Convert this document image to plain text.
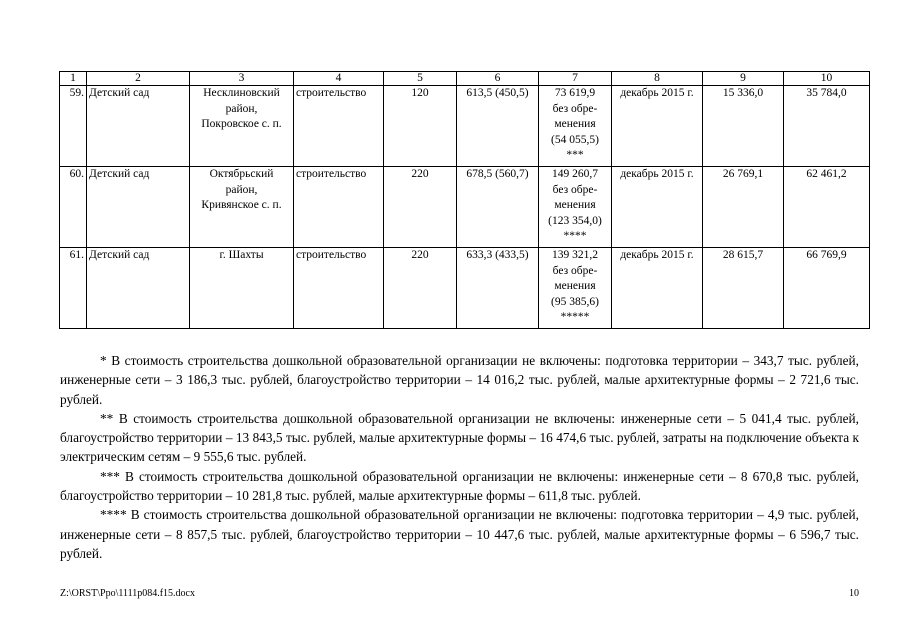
1	2	3	4	5	6	7	8	9	10
59.	Детский сад	Несклиновский
район,
Покровское с. п.	строительство	120	613,5 (450,5)	73 619,9
без обре-
менения
(54 055,5)
***	декабрь 2015 г.	15 336,0	35 784,0
60.	Детский сад	Октябрьский
район,
Кривянское с. п.	строительство	220	678,5 (560,7)	149 260,7
без обре-
менения
(123 354,0)
****	декабрь 2015 г.	26 769,1	62 461,2
61.	Детский сад	г. Шахты	строительство	220	633,3 (433,5)	139 321,2
без обре-
менения
(95 385,6)
*****	декабрь 2015 г.	28 615,7	66 769,9

* В стоимость строительства дошкольной образовательной организации не включены: подготовка территории – 343,7 тыс. рублей, инженерные сети – 3 186,3 тыс. рублей, благоустройство территории – 14 016,2 тыс. рублей, малые архитектурные формы – 2 721,6 тыс. рублей.

** В стоимость строительства дошкольной образовательной организации не включены: инженерные сети – 5 041,4 тыс. рублей, благоустройство территории – 13 843,5 тыс. рублей, малые архитектурные формы – 16 474,6 тыс. рублей, затраты на подключение объекта к электрическим сетям – 9 555,6 тыс. рублей.

*** В стоимость строительства дошкольной образовательной организации не включены: инженерные сети – 8 670,8 тыс. рублей, благоустройство территории – 10 281,8 тыс. рублей, малые архитектурные формы – 611,8 тыс. рублей.

**** В стоимость строительства дошкольной образовательной организации не включены: подготовка территории – 4,9 тыс. рублей, инженерные сети – 8 857,5 тыс. рублей, благоустройство территории – 10 447,6 тыс. рублей, малые архитектурные формы – 6 596,7 тыс. рублей.

Z:\ORST\Ppo\1111p084.f15.docx	10
